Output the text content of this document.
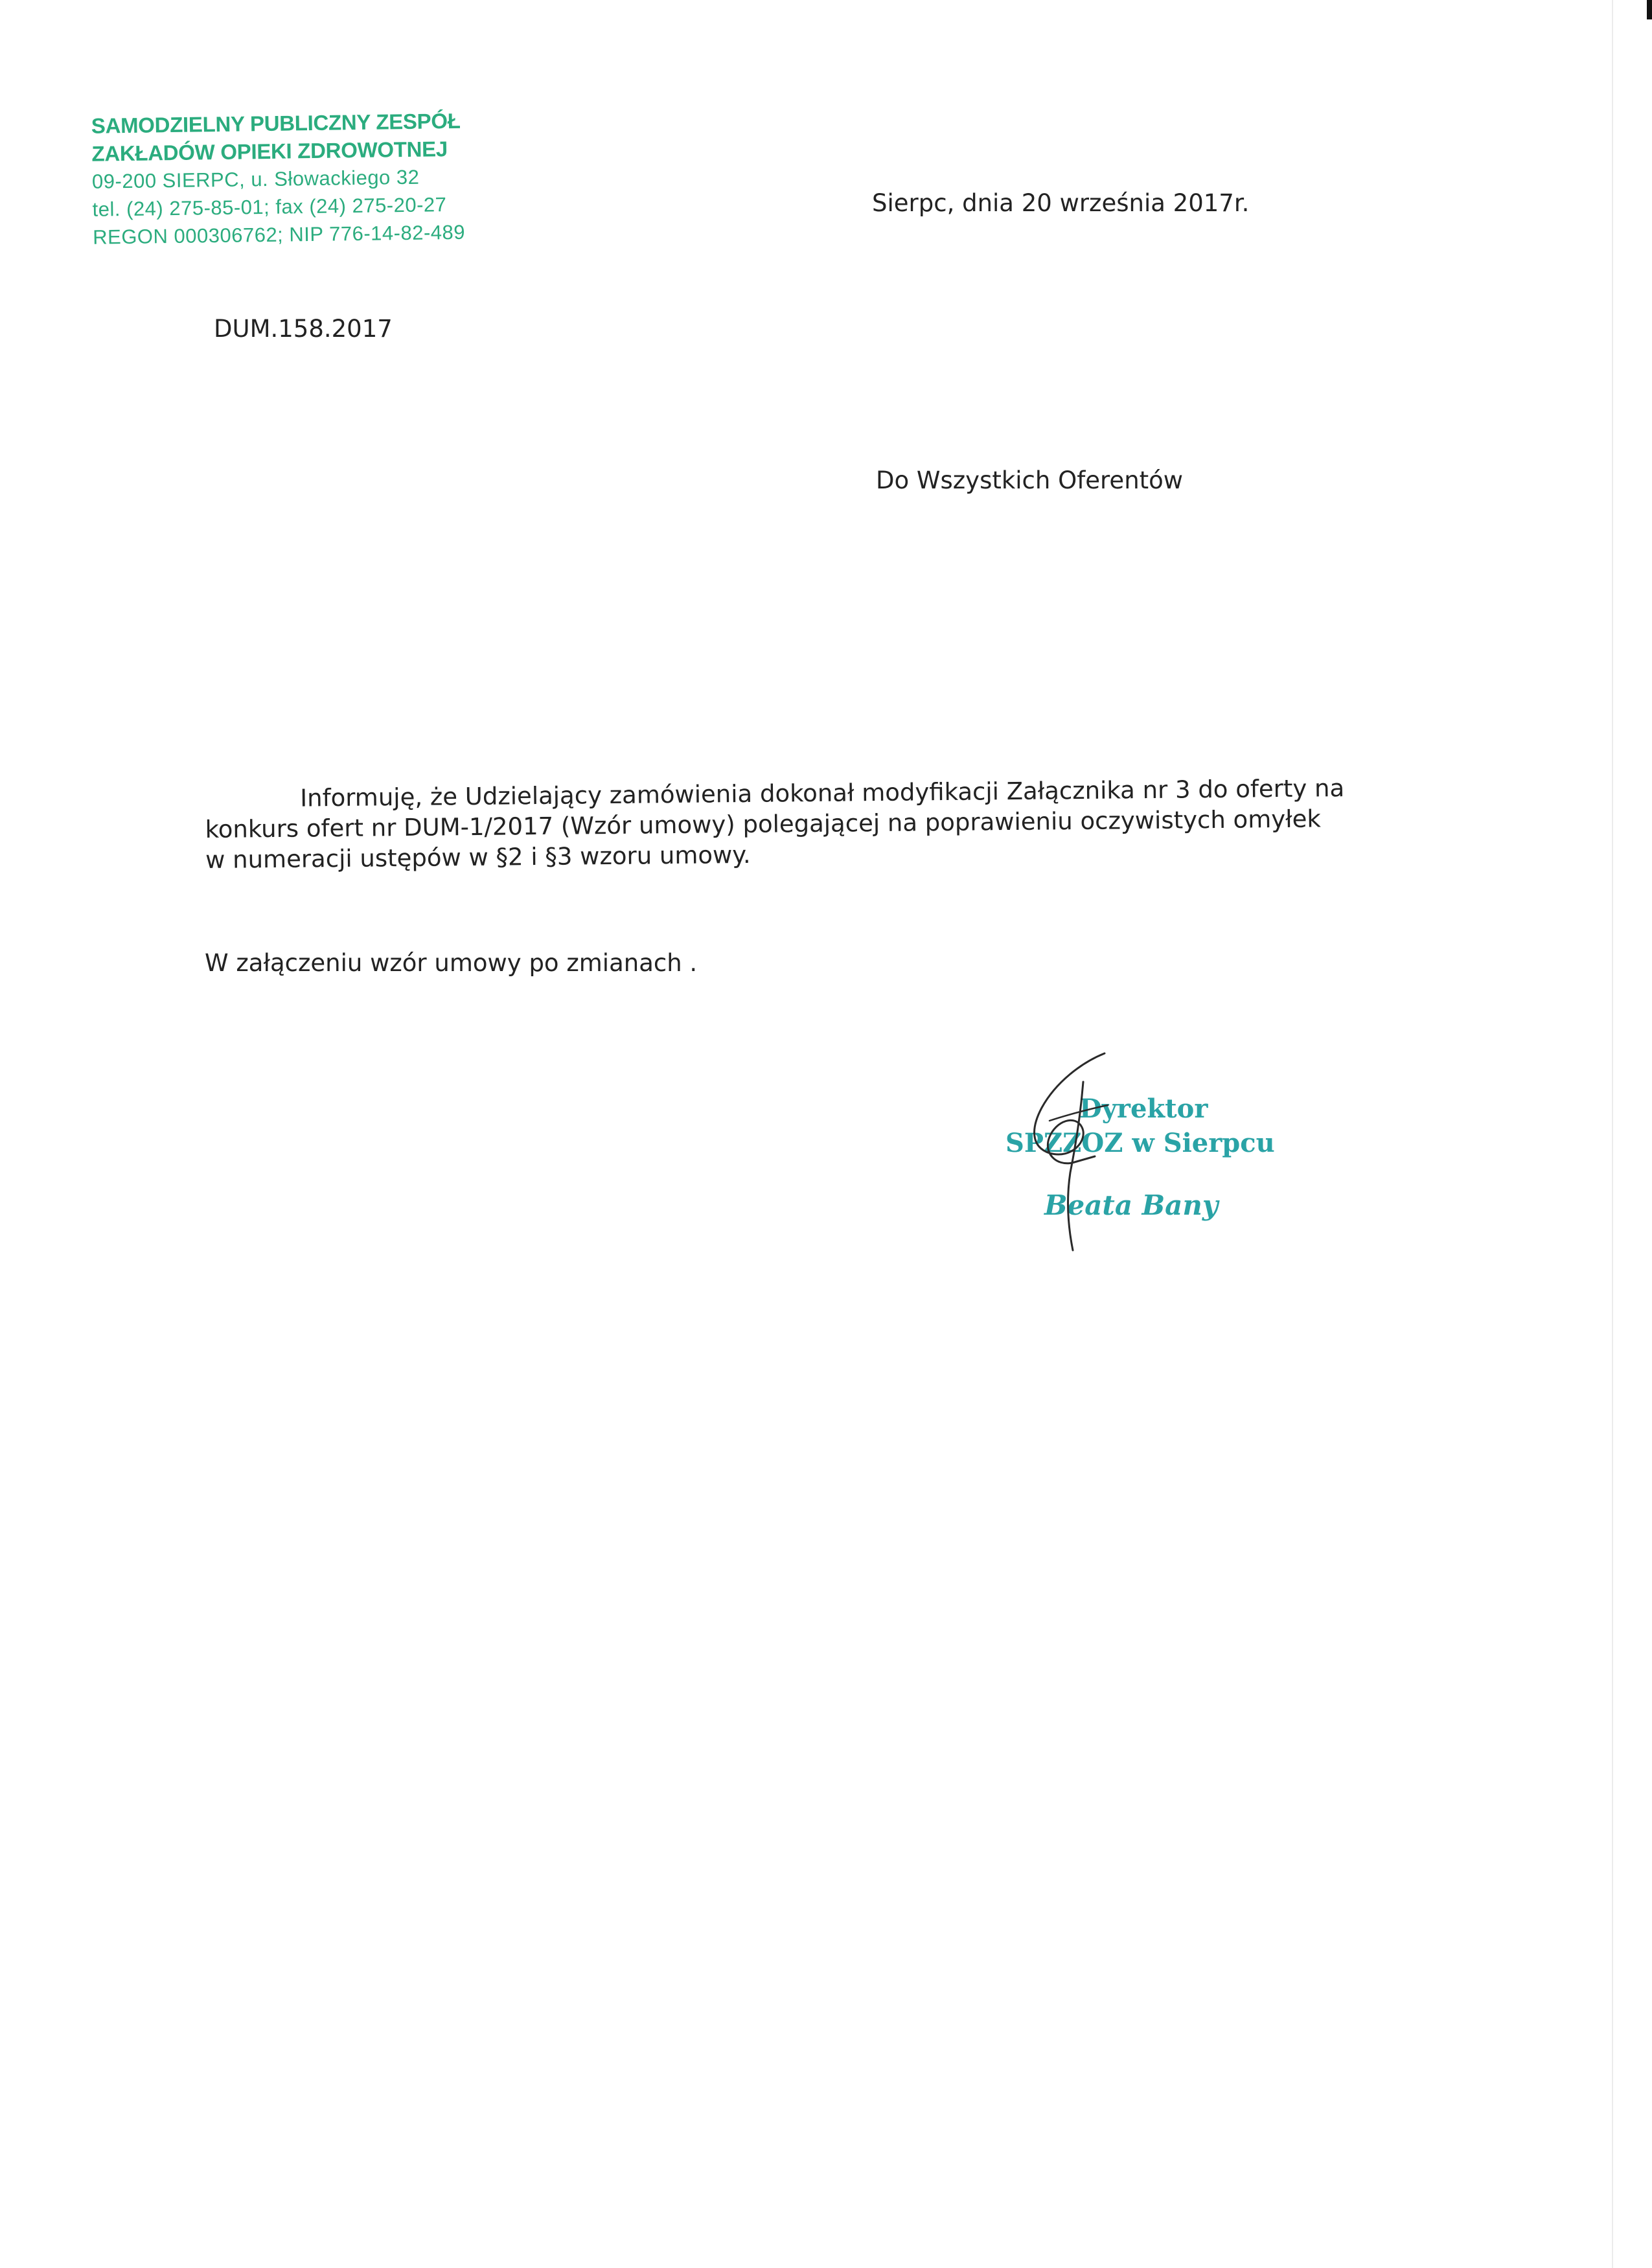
SAMODZIELNY PUBLICZNY ZESPÓŁ
ZAKŁADÓW OPIEKI ZDROWOTNEJ
09-200 SIERPC, u. Słowackiego 32
tel. (24) 275-85-01; fax (24) 275-20-27
REGON 000306762; NIP 776-14-82-489
Sierpc, dnia 20 września 2017r.
DUM.158.2017
Do Wszystkich Oferentów
Informuję, że Udzielający zamówienia dokonał modyfikacji Załącznika nr 3 do oferty na
konkurs ofert nr DUM-1/2017 (Wzór umowy) polegającej na poprawieniu oczywistych omyłek
w numeracji ustępów w §2 i §3 wzoru umowy.
W załączeniu wzór umowy po zmianach .
Dyrektor
SPZZOZ w Sierpcu
Beata Bany
